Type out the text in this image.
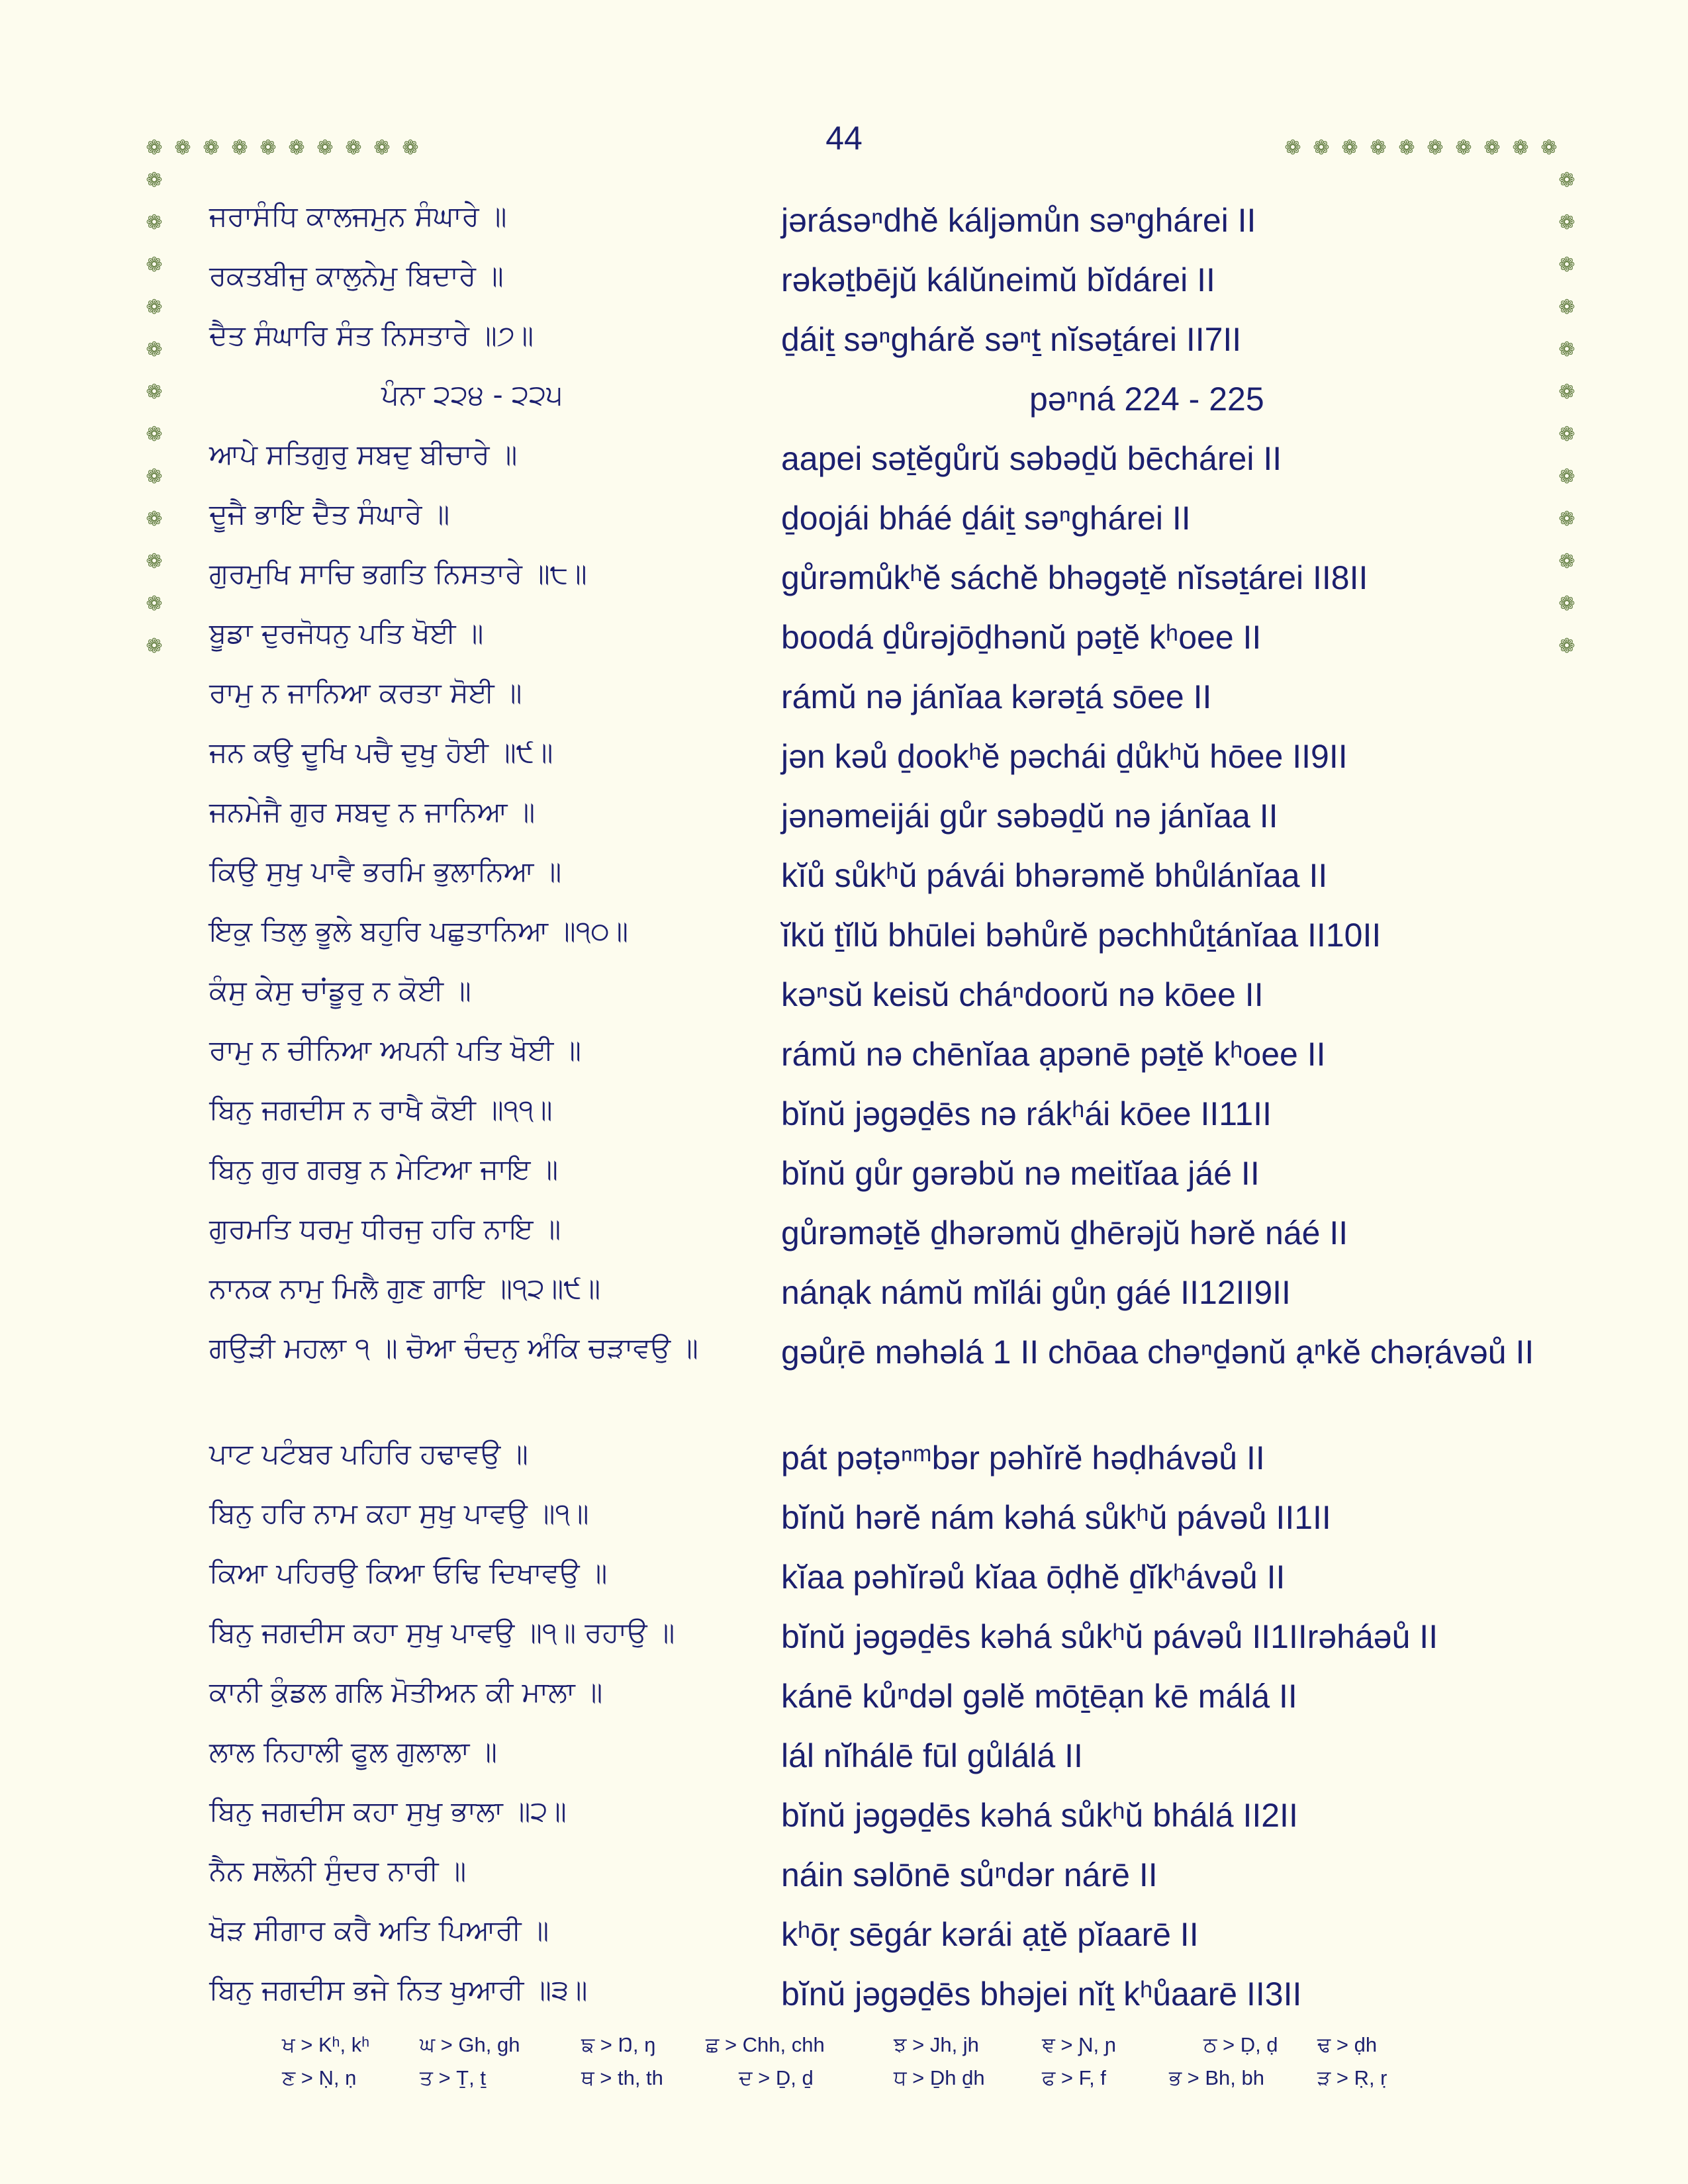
44
❁ ❁ ❁ ❁ ❁ ❁ ❁ ❁ ❁ ❁	❁ ❁ ❁ ❁ ❁ ❁ ❁ ❁ ❁ ❁
❁
❁
❁
❁
❁
❁
❁
❁
❁
❁
❁
❁
❁
❁
❁
❁
❁
❁
❁
❁
❁
❁
❁
❁
ਜਰਾਸੰਧਿ ਕਾਲਜਮੁਨ ਸੰਘਾਰੇ ॥	jərásəⁿdhĕ káljəmůn səⁿghárei II
ਰਕਤਬੀਜੁ ਕਾਲੁਨੇਮੁ ਬਿਦਾਰੇ ॥	rəkəṯbējŭ kálŭneimŭ bĭdárei II
ਦੈਤ ਸੰਘਾਰਿ ਸੰਤ ਨਿਸਤਾਰੇ ॥੭॥	ḏáiṯ səⁿghárĕ səⁿṯ nĭsəṯárei II7II
ਪੰਨਾ ੨੨੪ - ੨੨੫	pəⁿná 224 - 225
ਆਪੇ ਸਤਿਗੁਰੁ ਸਬਦੁ ਬੀਚਾਰੇ ॥	aapei səṯĕgůrŭ səbəḏŭ bēchárei II
ਦੂਜੈ ਭਾਇ ਦੈਤ ਸੰਘਾਰੇ ॥	ḏoojái bháé ḏáiṯ səⁿghárei II
ਗੁਰਮੁਖਿ ਸਾਚਿ ਭਗਤਿ ਨਿਸਤਾਰੇ ॥੮॥	gůrəmůkʰĕ sáchĕ bhəgəṯĕ nĭsəṯárei II8II
ਬੂਡਾ ਦੁਰਜੋਧਨੁ ਪਤਿ ਖੋਈ ॥	boodá ḏůrəjōḏhənŭ pəṯĕ kʰoee II
ਰਾਮੁ ਨ ਜਾਨਿਆ ਕਰਤਾ ਸੋਈ ॥	rámŭ nə jánĭaa kərəṯá sōee II
ਜਨ ਕਉ ਦੂਖਿ ਪਚੈ ਦੁਖੁ ਹੋਈ ॥੯॥	jən kəů ḏookʰĕ pəchái ḏůkʰŭ hōee II9II
ਜਨਮੇਜੈ ਗੁਰ ਸਬਦੁ ਨ ਜਾਨਿਆ ॥	jənəmeijái gůr səbəḏŭ nə jánĭaa II
ਕਿਉ ਸੁਖੁ ਪਾਵੈ ਭਰਮਿ ਭੁਲਾਨਿਆ ॥	kĭů sůkʰŭ pávái bhərəmĕ bhůlánĭaa II
ਇਕੁ ਤਿਲੁ ਭੂਲੇ ਬਹੁਰਿ ਪਛੁਤਾਨਿਆ ॥੧੦॥	ĭkŭ ṯĭlŭ bhūlei bəhůrĕ pəchhůṯánĭaa II10II
ਕੰਸੁ ਕੇਸੁ ਚਾਂਡੂਰੁ ਨ ਕੋਈ ॥	kəⁿsŭ keisŭ cháⁿdoorŭ nə kōee II
ਰਾਮੁ ਨ ਚੀਨਿਆ ਅਪਨੀ ਪਤਿ ਖੋਈ ॥	rámŭ nə chēnĭaa ạpənē pəṯĕ kʰoee II
ਬਿਨੁ ਜਗਦੀਸ ਨ ਰਾਖੈ ਕੋਈ ॥੧੧॥	bĭnŭ jəgəḏēs nə rákʰái kōee II11II
ਬਿਨੁ ਗੁਰ ਗਰਬੁ ਨ ਮੇਟਿਆ ਜਾਇ ॥	bĭnŭ gůr gərəbŭ nə meitĭaa jáé II
ਗੁਰਮਤਿ ਧਰਮੁ ਧੀਰਜੁ ਹਰਿ ਨਾਇ ॥	gůrəməṯĕ ḏhərəmŭ ḏhērəjŭ hərĕ náé II
ਨਾਨਕ ਨਾਮੁ ਮਿਲੈ ਗੁਣ ਗਾਇ ॥੧੨॥੯॥	nánạk námŭ mĭlái gůṇ gáé II12II9II
ਗਉੜੀ ਮਹਲਾ ੧ ॥ ਚੋਆ ਚੰਦਨੁ ਅੰਕਿ ਚੜਾਵਉ ॥	gəůṛē məhəlá 1 II chōaa chəⁿḏənŭ ạⁿkĕ chəṛávəů II
ਪਾਟ ਪਟੰਬਰ ਪਹਿਰਿ ਹਢਾਵਉ ॥	pát pəṭəⁿᵐbər pəhĭrĕ həḍhávəů II
ਬਿਨੁ ਹਰਿ ਨਾਮ ਕਹਾ ਸੁਖੁ ਪਾਵਉ ॥੧॥	bĭnŭ hərĕ nám kəhá sůkʰŭ pávəů II1II
ਕਿਆ ਪਹਿਰਉ ਕਿਆ ਓਢਿ ਦਿਖਾਵਉ ॥	kĭaa pəhĭrəů kĭaa ōḍhĕ ḏĭkʰávəů II
ਬਿਨੁ ਜਗਦੀਸ ਕਹਾ ਸੁਖੁ ਪਾਵਉ ॥੧॥ ਰਹਾਉ ॥	bĭnŭ jəgəḏēs kəhá sůkʰŭ pávəů II1IIrəháəů II
ਕਾਨੀ ਕੁੰਡਲ ਗਲਿ ਮੋਤੀਅਨ ਕੀ ਮਾਲਾ ॥	kánē kůⁿdəl gəlĕ mōṯēạn kē málá II
ਲਾਲ ਨਿਹਾਲੀ ਫੂਲ ਗੁਲਾਲਾ ॥	lál nĭhálē fūl gůlálá II
ਬਿਨੁ ਜਗਦੀਸ ਕਹਾ ਸੁਖੁ ਭਾਲਾ ॥੨॥	bĭnŭ jəgəḏēs kəhá sůkʰŭ bhálá II2II
ਨੈਨ ਸਲੋਨੀ ਸੁੰਦਰ ਨਾਰੀ ॥	náin səlōnē sůⁿdər nárē II
ਖੋੜ ਸੀਗਾਰ ਕਰੈ ਅਤਿ ਪਿਆਰੀ ॥	kʰōṛ sēgár kərái ạṯĕ pĭaarē II
ਬਿਨੁ ਜਗਦੀਸ ਭਜੇ ਨਿਤ ਖੁਆਰੀ ॥੩॥	bĭnŭ jəgəḏēs bhəjei nĭṯ kʰůaarē II3II
ਖ > Kʰ, kʰ ਘ > Gh, gh	ਙ > Ŋ, ŋ ਛ > Chh, chh	ਝ > Jh, jh	ਞ > Ɲ, ɲ	ਠ > Ḍ, ḍ ਢ > ḍh
ਣ > Ṇ, ṇ	ਤ > Ṯ, ṯ	ਥ > th, th	ਦ > Ḏ, ḏ	ਧ > Ḏh ḏh	ਫ > F, f	ਭ > Bh, bh	ੜ > Ṛ, ṛ
